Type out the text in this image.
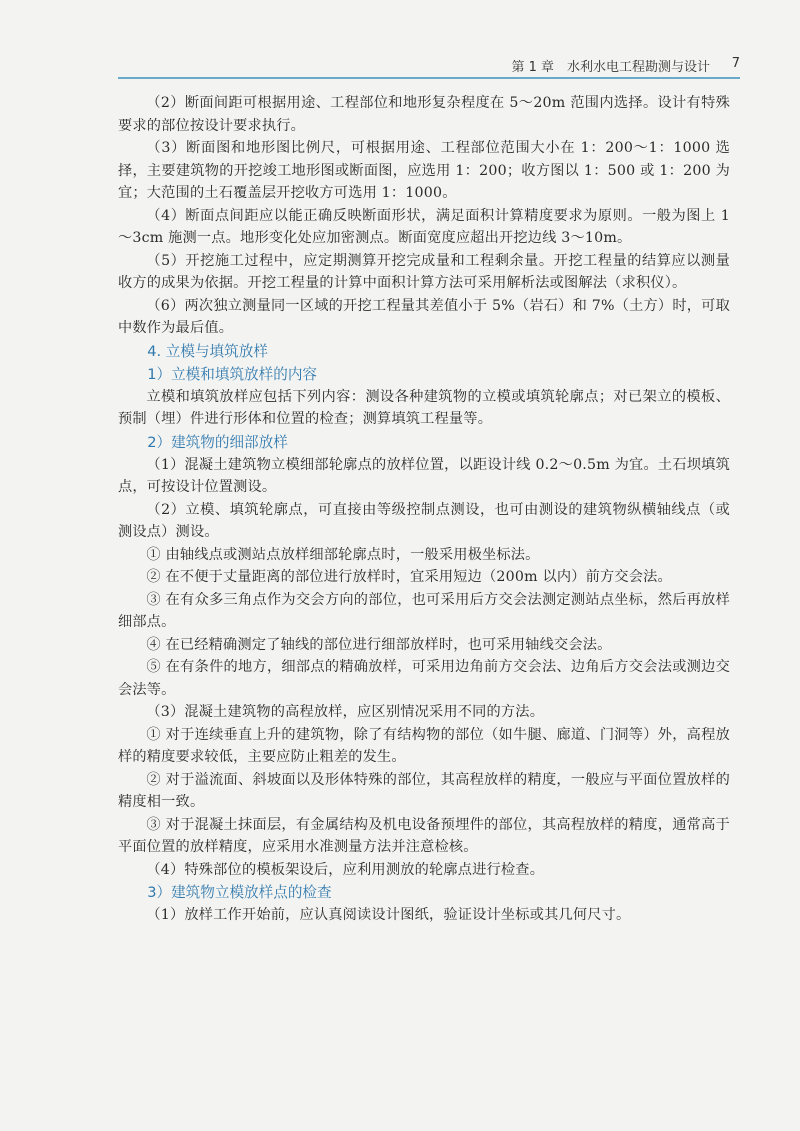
第 1 章　水利水电工程勘测与设计 7

（2）断面间距可根据用途、工程部位和地形复杂程度在 5～20m 范围内选择。设计有特殊要求的部位按设计要求执行。

（3）断面图和地形图比例尺，可根据用途、工程部位范围大小在 1：200～1：1000 选择，主要建筑物的开挖竣工地形图或断面图，应选用 1：200；收方图以 1：500 或 1：200 为宜；大范围的土石覆盖层开挖收方可选用 1：1000。

（4）断面点间距应以能正确反映断面形状，满足面积计算精度要求为原则。一般为图上 1～3cm 施测一点。地形变化处应加密测点。断面宽度应超出开挖边线 3～10m。

（5）开挖施工过程中，应定期测算开挖完成量和工程剩余量。开挖工程量的结算应以测量收方的成果为依据。开挖工程量的计算中面积计算方法可采用解析法或图解法（求积仪）。

（6）两次独立测量同一区域的开挖工程量其差值小于 5%（岩石）和 7%（土方）时，可取中数作为最后值。

4. 立模与填筑放样
1）立模和填筑放样的内容

立模和填筑放样应包括下列内容：测设各种建筑物的立模或填筑轮廓点；对已架立的模板、预制（埋）件进行形体和位置的检查；测算填筑工程量等。

2）建筑物的细部放样

（1）混凝土建筑物立模细部轮廓点的放样位置，以距设计线 0.2～0.5m 为宜。土石坝填筑点，可按设计位置测设。

（2）立模、填筑轮廓点，可直接由等级控制点测设，也可由测设的建筑物纵横轴线点（或测设点）测设。

① 由轴线点或测站点放样细部轮廓点时，一般采用极坐标法。

② 在不便于丈量距离的部位进行放样时，宜采用短边（200m 以内）前方交会法。

③ 在有众多三角点作为交会方向的部位，也可采用后方交会法测定测站点坐标，然后再放样细部点。

④ 在已经精确测定了轴线的部位进行细部放样时，也可采用轴线交会法。

⑤ 在有条件的地方，细部点的精确放样，可采用边角前方交会法、边角后方交会法或测边交会法等。

（3）混凝土建筑物的高程放样，应区别情况采用不同的方法。

① 对于连续垂直上升的建筑物，除了有结构物的部位（如牛腿、廊道、门洞等）外，高程放样的精度要求较低，主要应防止粗差的发生。

② 对于溢流面、斜坡面以及形体特殊的部位，其高程放样的精度，一般应与平面位置放样的精度相一致。

③ 对于混凝土抹面层，有金属结构及机电设备预埋件的部位，其高程放样的精度，通常高于平面位置的放样精度，应采用水准测量方法并注意检核。

（4）特殊部位的模板架设后，应利用测放的轮廓点进行检查。

3）建筑物立模放样点的检查

（1）放样工作开始前，应认真阅读设计图纸，验证设计坐标或其几何尺寸。
